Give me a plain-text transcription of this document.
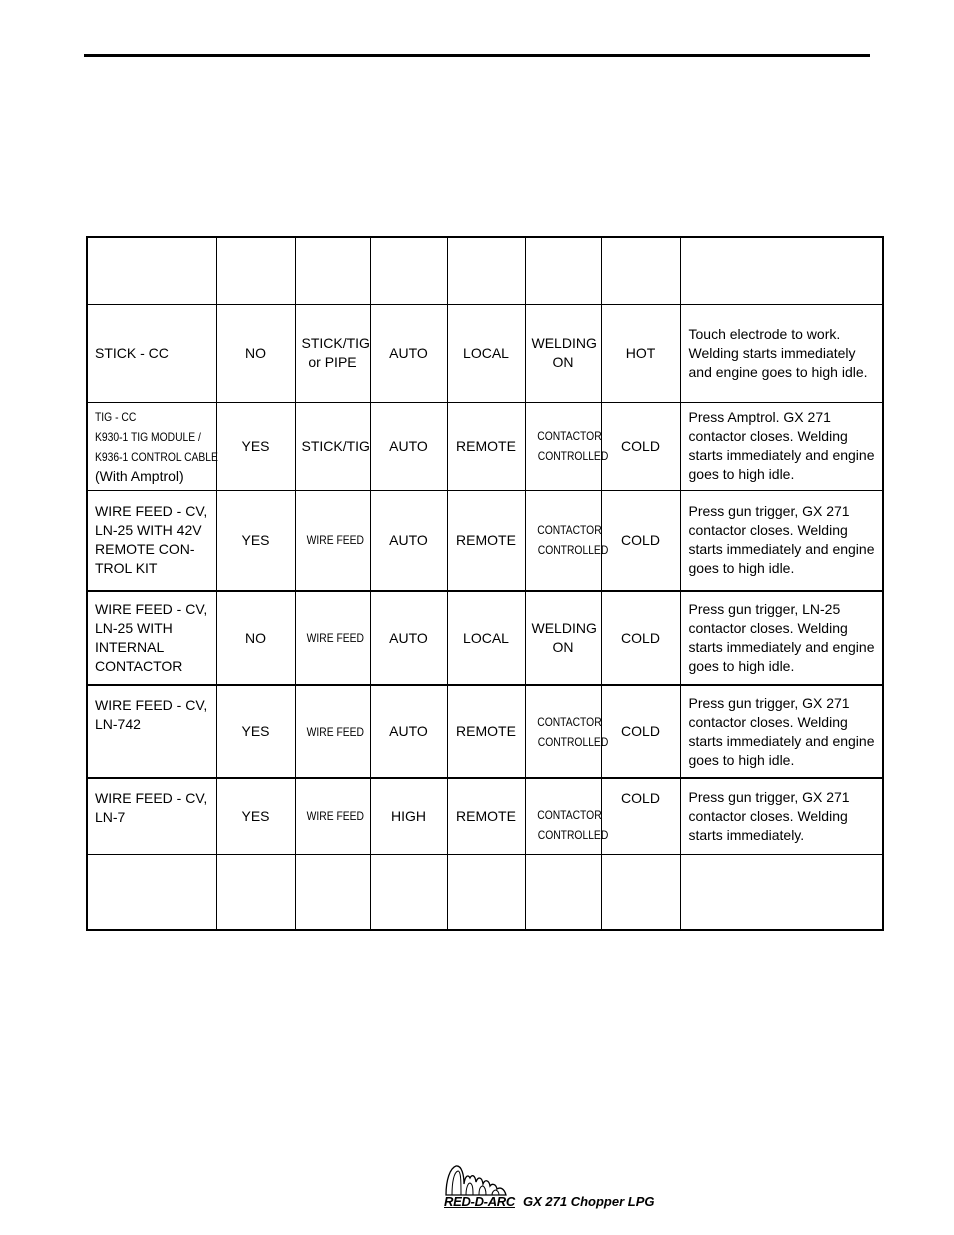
STICK - CC	NO	STICK/TIG
or PIPE	AUTO	LOCAL	WELDING
ON	HOT	Touch electrode to work. Welding starts immediately and engine goes to high idle.

TIG - CC
K930-1 TIG MODULE /
K936-1 CONTROL CABLE
(With Amptrol)	YES	STICK/TIG	AUTO	REMOTE	CONTACTOR
CONTROLLED	COLD	Press Amptrol. GX 271 contactor closes. Welding starts immediately and engine goes to high idle.

WIRE FEED - CV,
LN-25 WITH 42V
REMOTE CON-
TROL KIT	YES	WIRE FEED	AUTO	REMOTE	CONTACTOR
CONTROLLED	COLD	Press gun trigger, GX 271 contactor closes. Welding starts immediately and engine goes to high idle.

WIRE FEED - CV,
LN-25 WITH
INTERNAL
CONTACTOR	NO	WIRE FEED	AUTO	LOCAL	WELDING
ON	COLD	Press gun trigger, LN-25 contactor closes. Welding starts immediately and engine goes to high idle.

WIRE FEED - CV,
LN-742	YES	WIRE FEED	AUTO	REMOTE	CONTACTOR
CONTROLLED	COLD	Press gun trigger, GX 271 contactor closes. Welding starts immediately and engine goes to high idle.

WIRE FEED - CV,
LN-7	YES	WIRE FEED	HIGH	REMOTE	CONTACTOR
CONTROLLED	COLD	Press gun trigger, GX 271 contactor closes. Welding starts immediately.

RED-D-ARC GX 271 Chopper LPG
